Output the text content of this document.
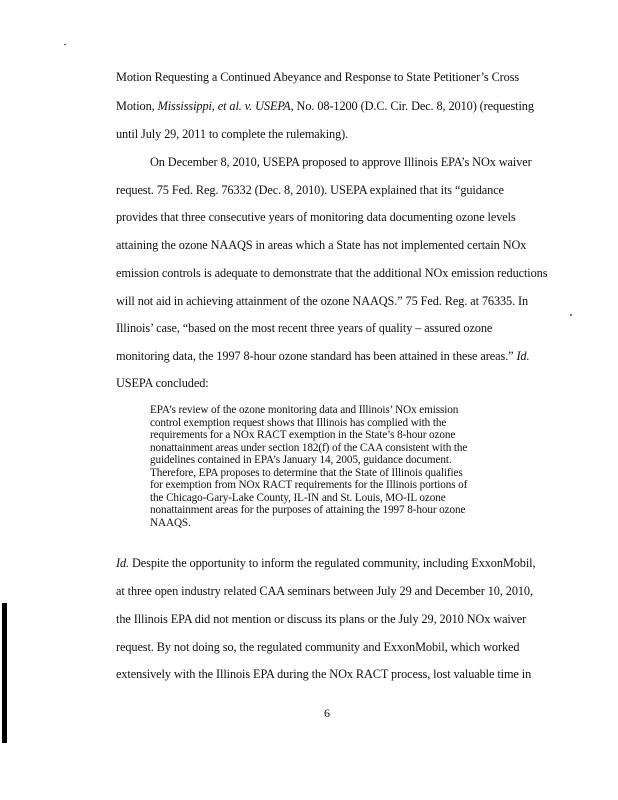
Motion Requesting a Continued Abeyance and Response to State Petitioner’s Cross
Motion, Mississippi, et al. v. USEPA, No. 08-1200 (D.C. Cir. Dec. 8, 2010) (requesting
until July 29, 2011 to complete the rulemaking).
On December 8, 2010, USEPA proposed to approve Illinois EPA’s NOx waiver
request. 75 Fed. Reg. 76332 (Dec. 8, 2010). USEPA explained that its “guidance
provides that three consecutive years of monitoring data documenting ozone levels
attaining the ozone NAAQS in areas which a State has not implemented certain NOx
emission controls is adequate to demonstrate that the additional NOx emission reductions
will not aid in achieving attainment of the ozone NAAQS.” 75 Fed. Reg. at 76335. In
Illinois’ case, “based on the most recent three years of quality – assured ozone
monitoring data, the 1997 8-hour ozone standard has been attained in these areas.” Id.
USEPA concluded:
EPA’s review of the ozone monitoring data and Illinois’ NOx emission
control exemption request shows that Illinois has complied with the
requirements for a NOx RACT exemption in the State’s 8-hour ozone
nonattainment areas under section 182(f) of the CAA consistent with the
guidelines contained in EPA’s January 14, 2005, guidance document.
Therefore, EPA proposes to determine that the State of Illinois qualifies
for exemption from NOx RACT requirements for the Illinois portions of
the Chicago-Gary-Lake County, IL-IN and St. Louis, MO-IL ozone
nonattainment areas for the purposes of attaining the 1997 8-hour ozone
NAAQS.
Id. Despite the opportunity to inform the regulated community, including ExxonMobil,
at three open industry related CAA seminars between July 29 and December 10, 2010,
the Illinois EPA did not mention or discuss its plans or the July 29, 2010 NOx waiver
request. By not doing so, the regulated community and ExxonMobil, which worked
extensively with the Illinois EPA during the NOx RACT process, lost valuable time in
6
